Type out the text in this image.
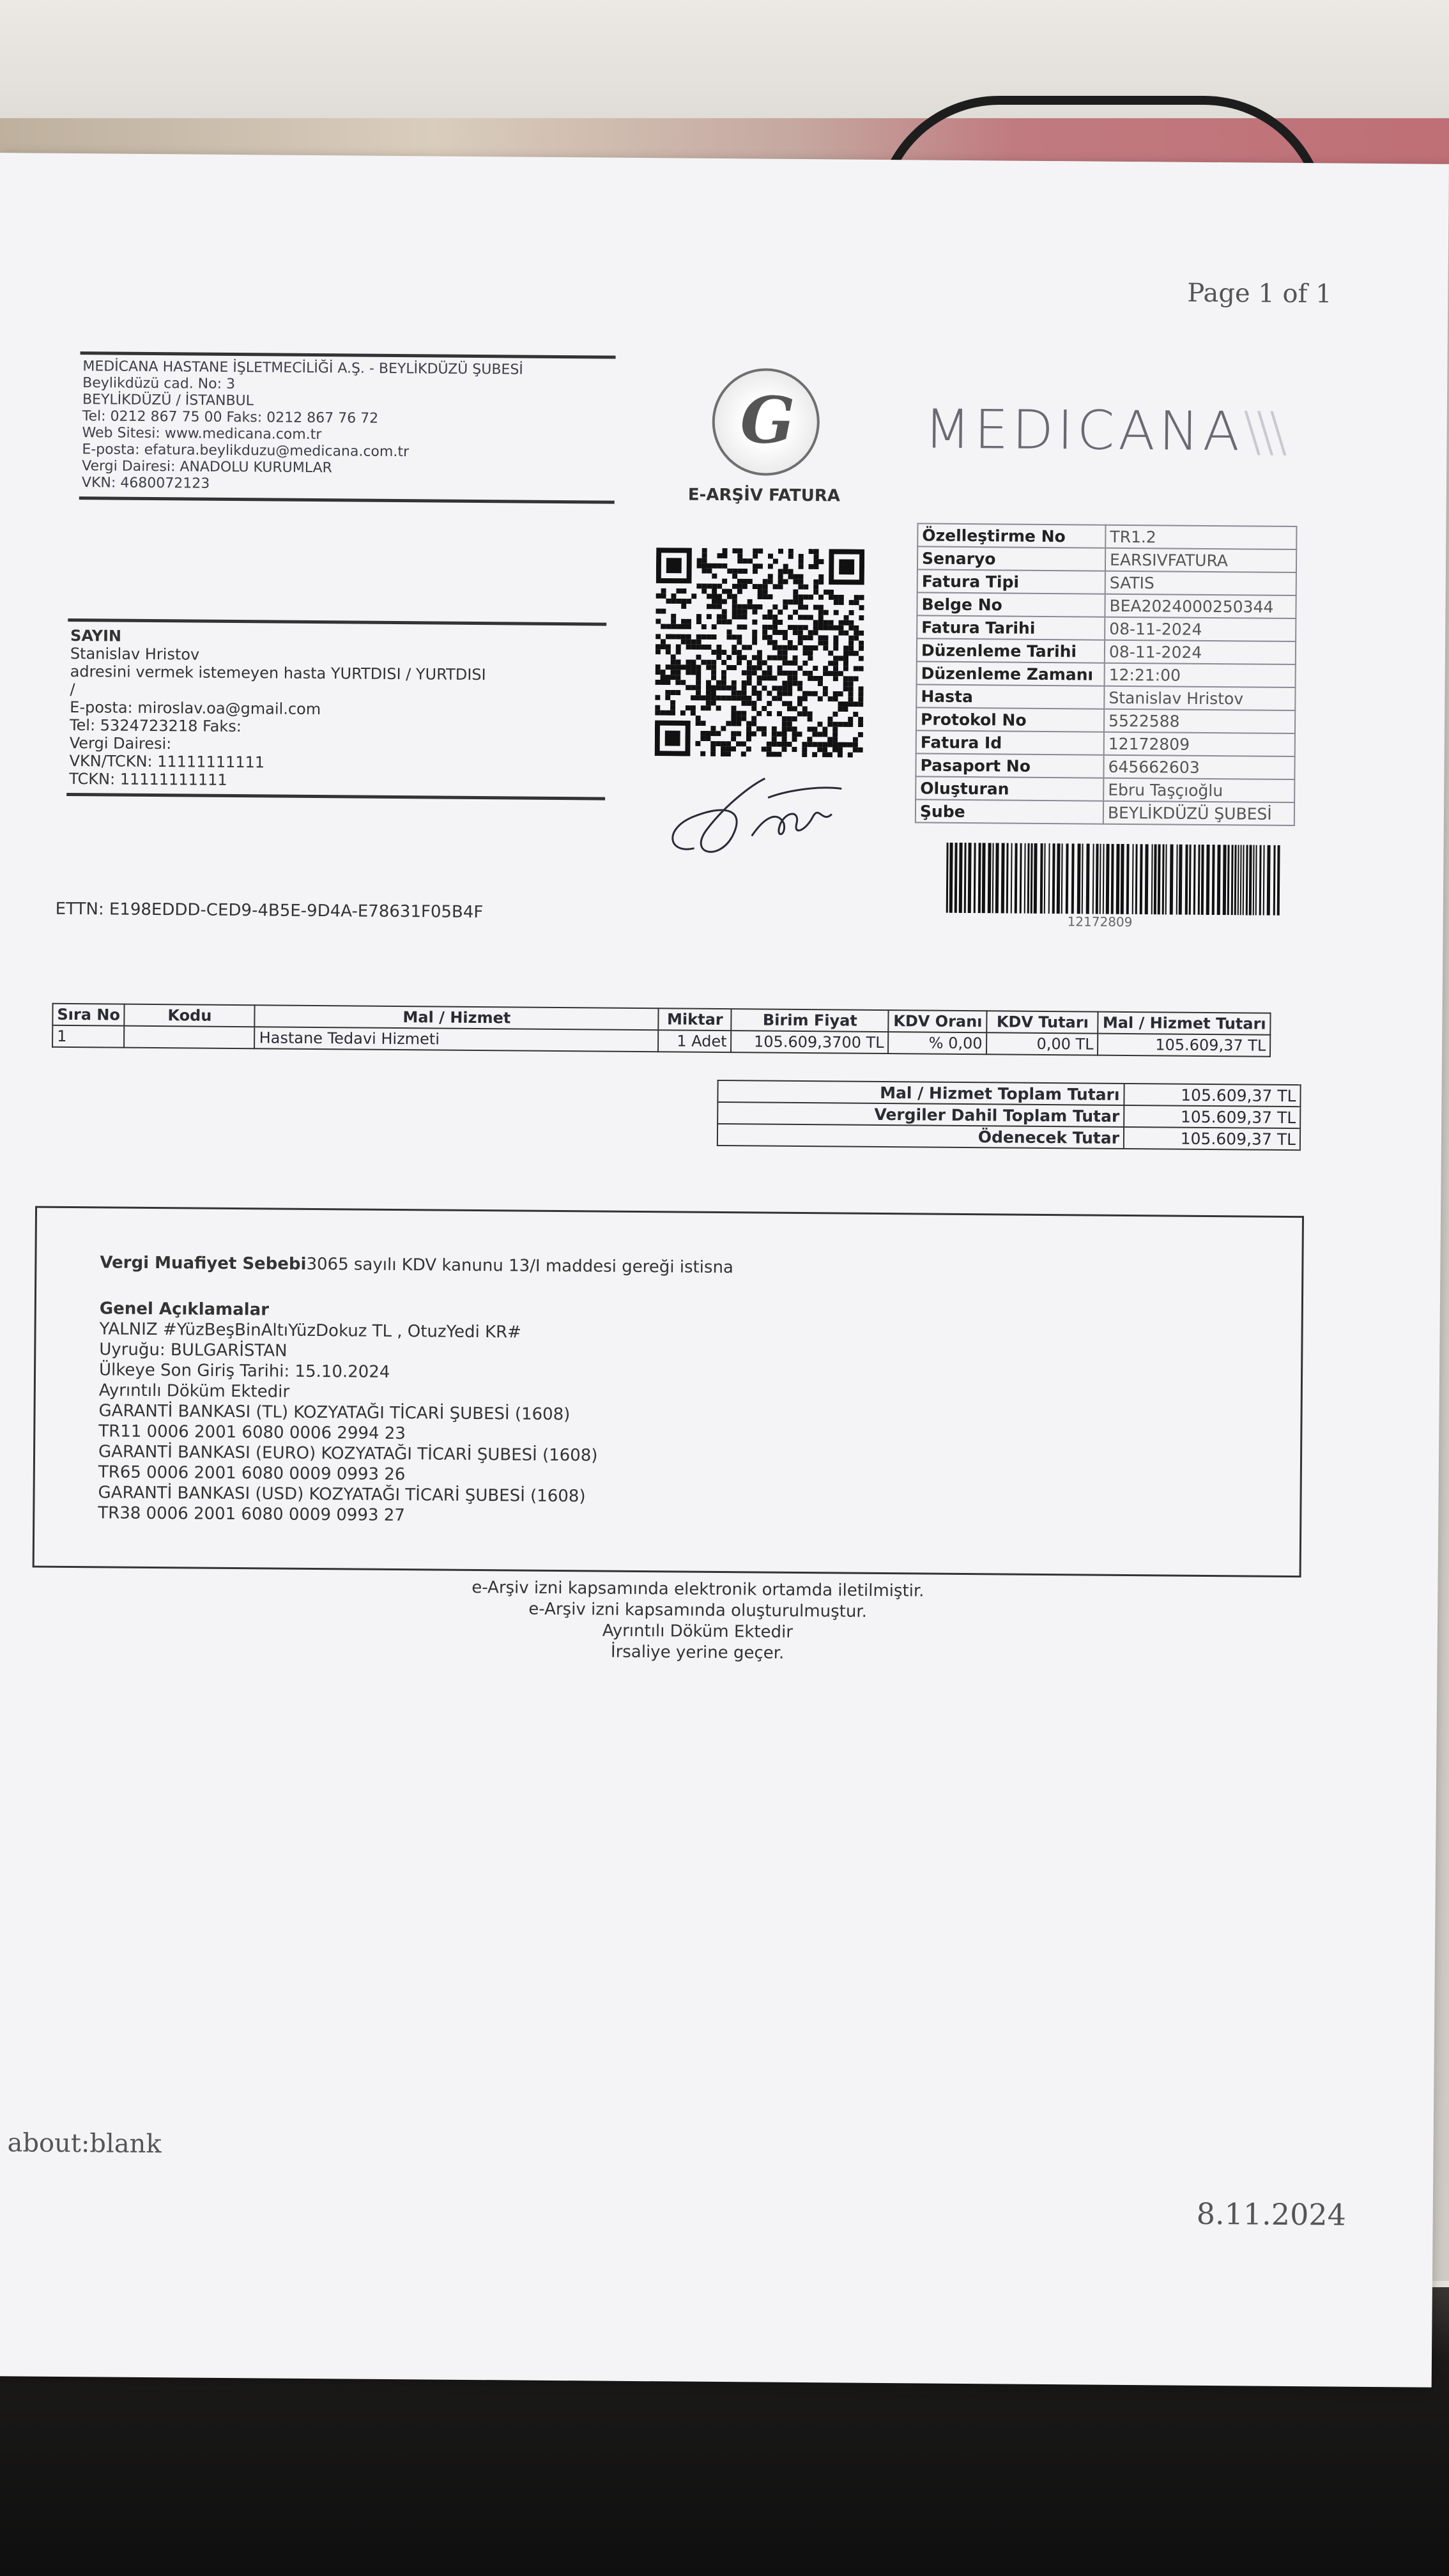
Page 1 of 1
MEDİCANA HASTANE İŞLETMECİLİĞİ A.Ş. - BEYLİKDÜZÜ ŞUBESİ
Beylikdüzü cad. No: 3
BEYLİKDÜZÜ / İSTANBUL
Tel: 0212 867 75 00 Faks: 0212 867 76 72
Web Sitesi: www.medicana.com.tr
E-posta: efatura.beylikduzu@medicana.com.tr
Vergi Dairesi: ANADOLU KURUMLAR
VKN: 4680072123
G
E-ARŞİV FATURA
MEDICANA\\\
Özelleştirme No	TR1.2
Senaryo	EARSIVFATURA
Fatura Tipi	SATIS
Belge No	BEA2024000250344
Fatura Tarihi	08-11-2024
Düzenleme Tarihi	08-11-2024
Düzenleme Zamanı	12:21:00
Hasta	Stanislav Hristov
Protokol No	5522588
Fatura Id	12172809
Pasaport No	645662603
Oluşturan	Ebru Taşçıoğlu
Şube	BEYLİKDÜZÜ ŞUBESİ
12172809
SAYIN
Stanislav Hristov
adresini vermek istemeyen hasta YURTDISI / YURTDISI
/
E-posta: miroslav.oa@gmail.com
Tel: 5324723218 Faks:
Vergi Dairesi:
VKN/TCKN: 11111111111
TCKN: 11111111111
ETTN: E198EDDD-CED9-4B5E-9D4A-E78631F05B4F
Sıra No	Kodu	Mal / Hizmet	Miktar	Birim Fiyat	KDV Oranı	KDV Tutarı	Mal / Hizmet Tutarı
1		Hastane Tedavi Hizmeti	1 Adet	105.609,3700 TL	% 0,00	0,00 TL	105.609,37 TL
Mal / Hizmet Toplam Tutarı	105.609,37 TL
Vergiler Dahil Toplam Tutar	105.609,37 TL
Ödenecek Tutar	105.609,37 TL
Vergi Muafiyet Sebebi3065 sayılı KDV kanunu 13/I maddesi gereği istisna
Genel Açıklamalar
YALNIZ #YüzBeşBinAltıYüzDokuz TL , OtuzYedi KR#
Uyruğu: BULGARİSTAN
Ülkeye Son Giriş Tarihi: 15.10.2024
Ayrıntılı Döküm Ektedir
GARANTİ BANKASI (TL) KOZYATAĞI TİCARİ ŞUBESİ (1608)
TR11 0006 2001 6080 0006 2994 23
GARANTİ BANKASI (EURO) KOZYATAĞI TİCARİ ŞUBESİ (1608)
TR65 0006 2001 6080 0009 0993 26
GARANTİ BANKASI (USD) KOZYATAĞI TİCARİ ŞUBESİ (1608)
TR38 0006 2001 6080 0009 0993 27
e-Arşiv izni kapsamında elektronik ortamda iletilmiştir.
e-Arşiv izni kapsamında oluşturulmuştur.
Ayrıntılı Döküm Ektedir
İrsaliye yerine geçer.
about:blank
8.11.2024
